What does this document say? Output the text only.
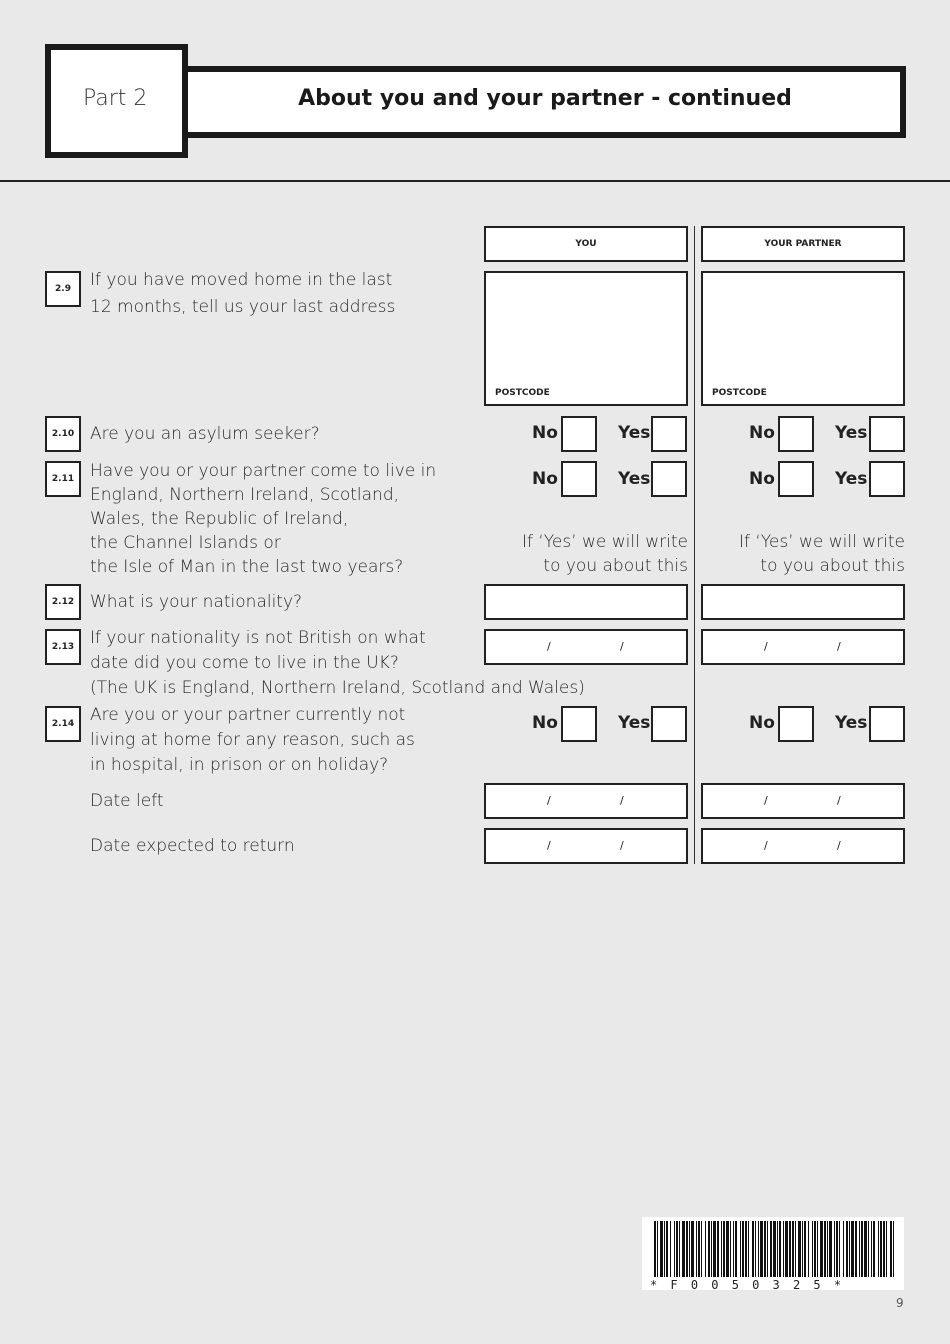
Part 2	About you and your partner - continued
YOU	YOUR PARTNER
2.9	If you have moved home in the last
12 months, tell us your last address
POSTCODE	POSTCODE
2.10 Are you an asylum seeker?	No	Yes	No	Yes
2.11 Have you or your partner come to live in
England, Northern Ireland, Scotland,
Wales, the Republic of Ireland,
the Channel Islands or
the Isle of Man in the last two years?
No	Yes	No	Yes
If ‘Yes’ we will write
to you about this
If ‘Yes’ we will write
to you about this
2.12 What is your nationality?
2.13 If your nationality is not British on what
date did you come to live in the UK?
(The UK is England, Northern Ireland, Scotland and Wales)
/	/	/	/
2.14 Are you or your partner currently not
living at home for any reason, such as
in hospital, in prison or on holiday?
No	Yes	No	Yes
Date left	/	/	/	/
Date expected to return	/	/	/	/
*F0050325*
9
